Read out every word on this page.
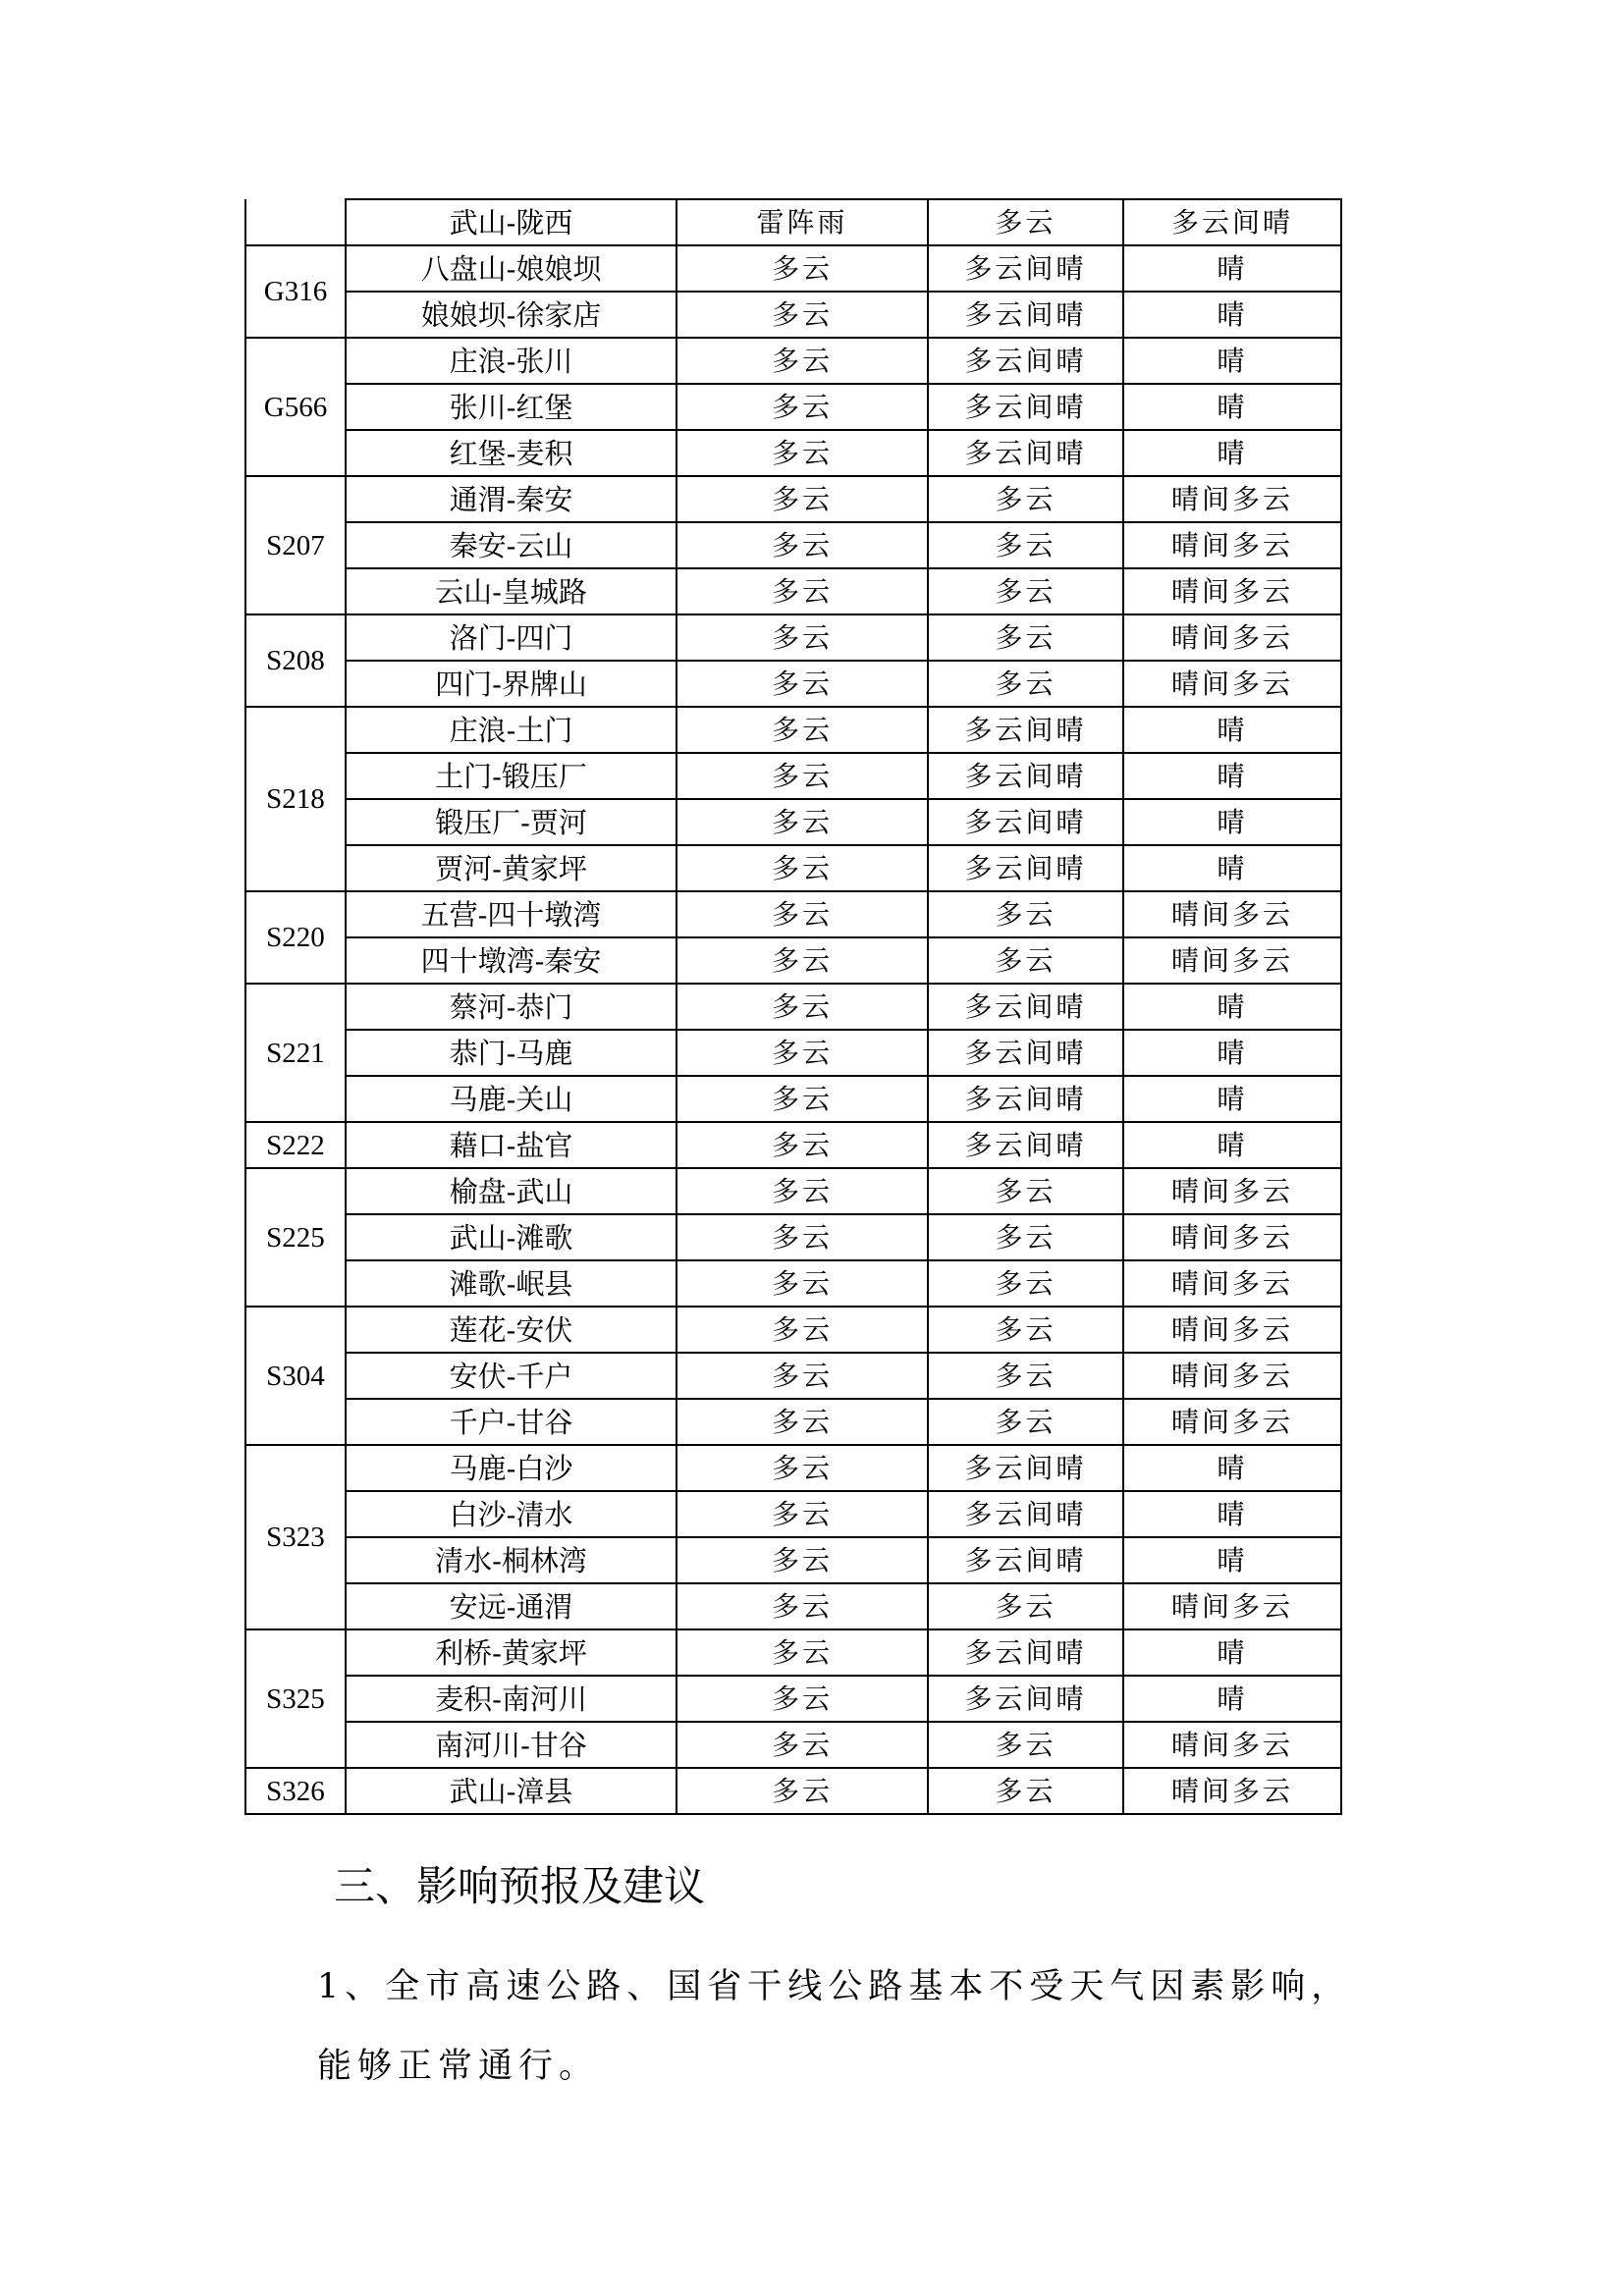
	武山-陇西	雷阵雨	多云	多云间晴
G316	八盘山-娘娘坝	多云	多云间晴	晴
	娘娘坝-徐家店	多云	多云间晴	晴
G566	庄浪-张川	多云	多云间晴	晴
	张川-红堡	多云	多云间晴	晴
	红堡-麦积	多云	多云间晴	晴
S207	通渭-秦安	多云	多云	晴间多云
	秦安-云山	多云	多云	晴间多云
	云山-皇城路	多云	多云	晴间多云
S208	洛门-四门	多云	多云	晴间多云
	四门-界牌山	多云	多云	晴间多云
S218	庄浪-土门	多云	多云间晴	晴
	土门-锻压厂	多云	多云间晴	晴
	锻压厂-贾河	多云	多云间晴	晴
	贾河-黄家坪	多云	多云间晴	晴
S220	五营-四十墩湾	多云	多云	晴间多云
	四十墩湾-秦安	多云	多云	晴间多云
S221	蔡河-恭门	多云	多云间晴	晴
	恭门-马鹿	多云	多云间晴	晴
	马鹿-关山	多云	多云间晴	晴
S222	藉口-盐官	多云	多云间晴	晴
S225	榆盘-武山	多云	多云	晴间多云
	武山-滩歌	多云	多云	晴间多云
	滩歌-岷县	多云	多云	晴间多云
S304	莲花-安伏	多云	多云	晴间多云
	安伏-千户	多云	多云	晴间多云
	千户-甘谷	多云	多云	晴间多云
S323	马鹿-白沙	多云	多云间晴	晴
	白沙-清水	多云	多云间晴	晴
	清水-桐林湾	多云	多云间晴	晴
	安远-通渭	多云	多云	晴间多云
S325	利桥-黄家坪	多云	多云间晴	晴
	麦积-南河川	多云	多云间晴	晴
	南河川-甘谷	多云	多云	晴间多云
S326	武山-漳县	多云	多云	晴间多云
三、影响预报及建议
1、全市高速公路、国省干线公路基本不受天气因素影响，能够正常通行。
